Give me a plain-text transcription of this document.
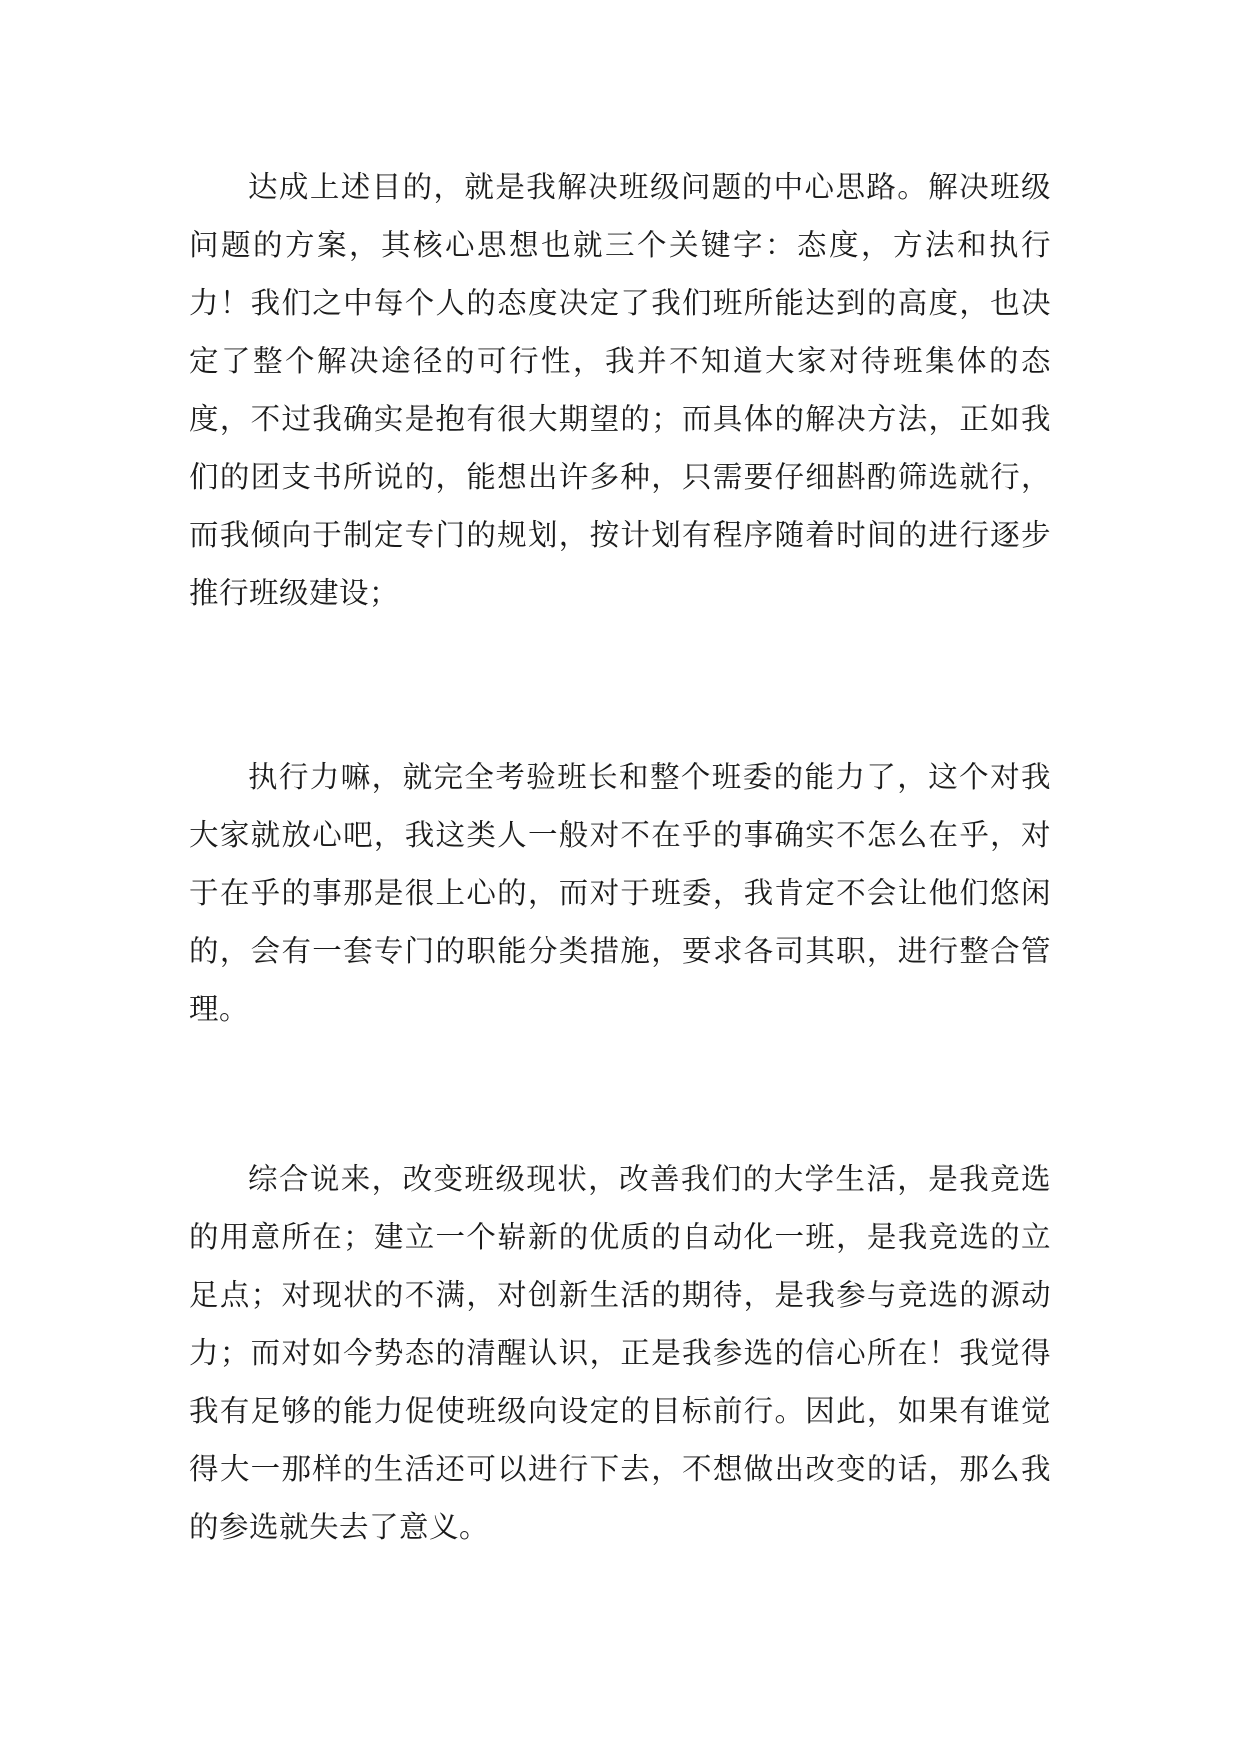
达成上述目的，就是我解决班级问题的中心思路。解决班级问题的方案，其核心思想也就三个关键字：态度，方法和执行力！我们之中每个人的态度决定了我们班所能达到的高度，也决定了整个解决途径的可行性，我并不知道大家对待班集体的态度，不过我确实是抱有很大期望的；而具体的解决方法，正如我们的团支书所说的，能想出许多种，只需要仔细斟酌筛选就行，而我倾向于制定专门的规划，按计划有程序随着时间的进行逐步推行班级建设；

执行力嘛，就完全考验班长和整个班委的能力了，这个对我大家就放心吧，我这类人一般对不在乎的事确实不怎么在乎，对于在乎的事那是很上心的，而对于班委，我肯定不会让他们悠闲的，会有一套专门的职能分类措施，要求各司其职，进行整合管理。

综合说来，改变班级现状，改善我们的大学生活，是我竞选的用意所在；建立一个崭新的优质的自动化一班，是我竞选的立足点；对现状的不满，对创新生活的期待，是我参与竞选的源动力；而对如今势态的清醒认识，正是我参选的信心所在！我觉得我有足够的能力促使班级向设定的目标前行。因此，如果有谁觉得大一那样的生活还可以进行下去，不想做出改变的话，那么我的参选就失去了意义。
